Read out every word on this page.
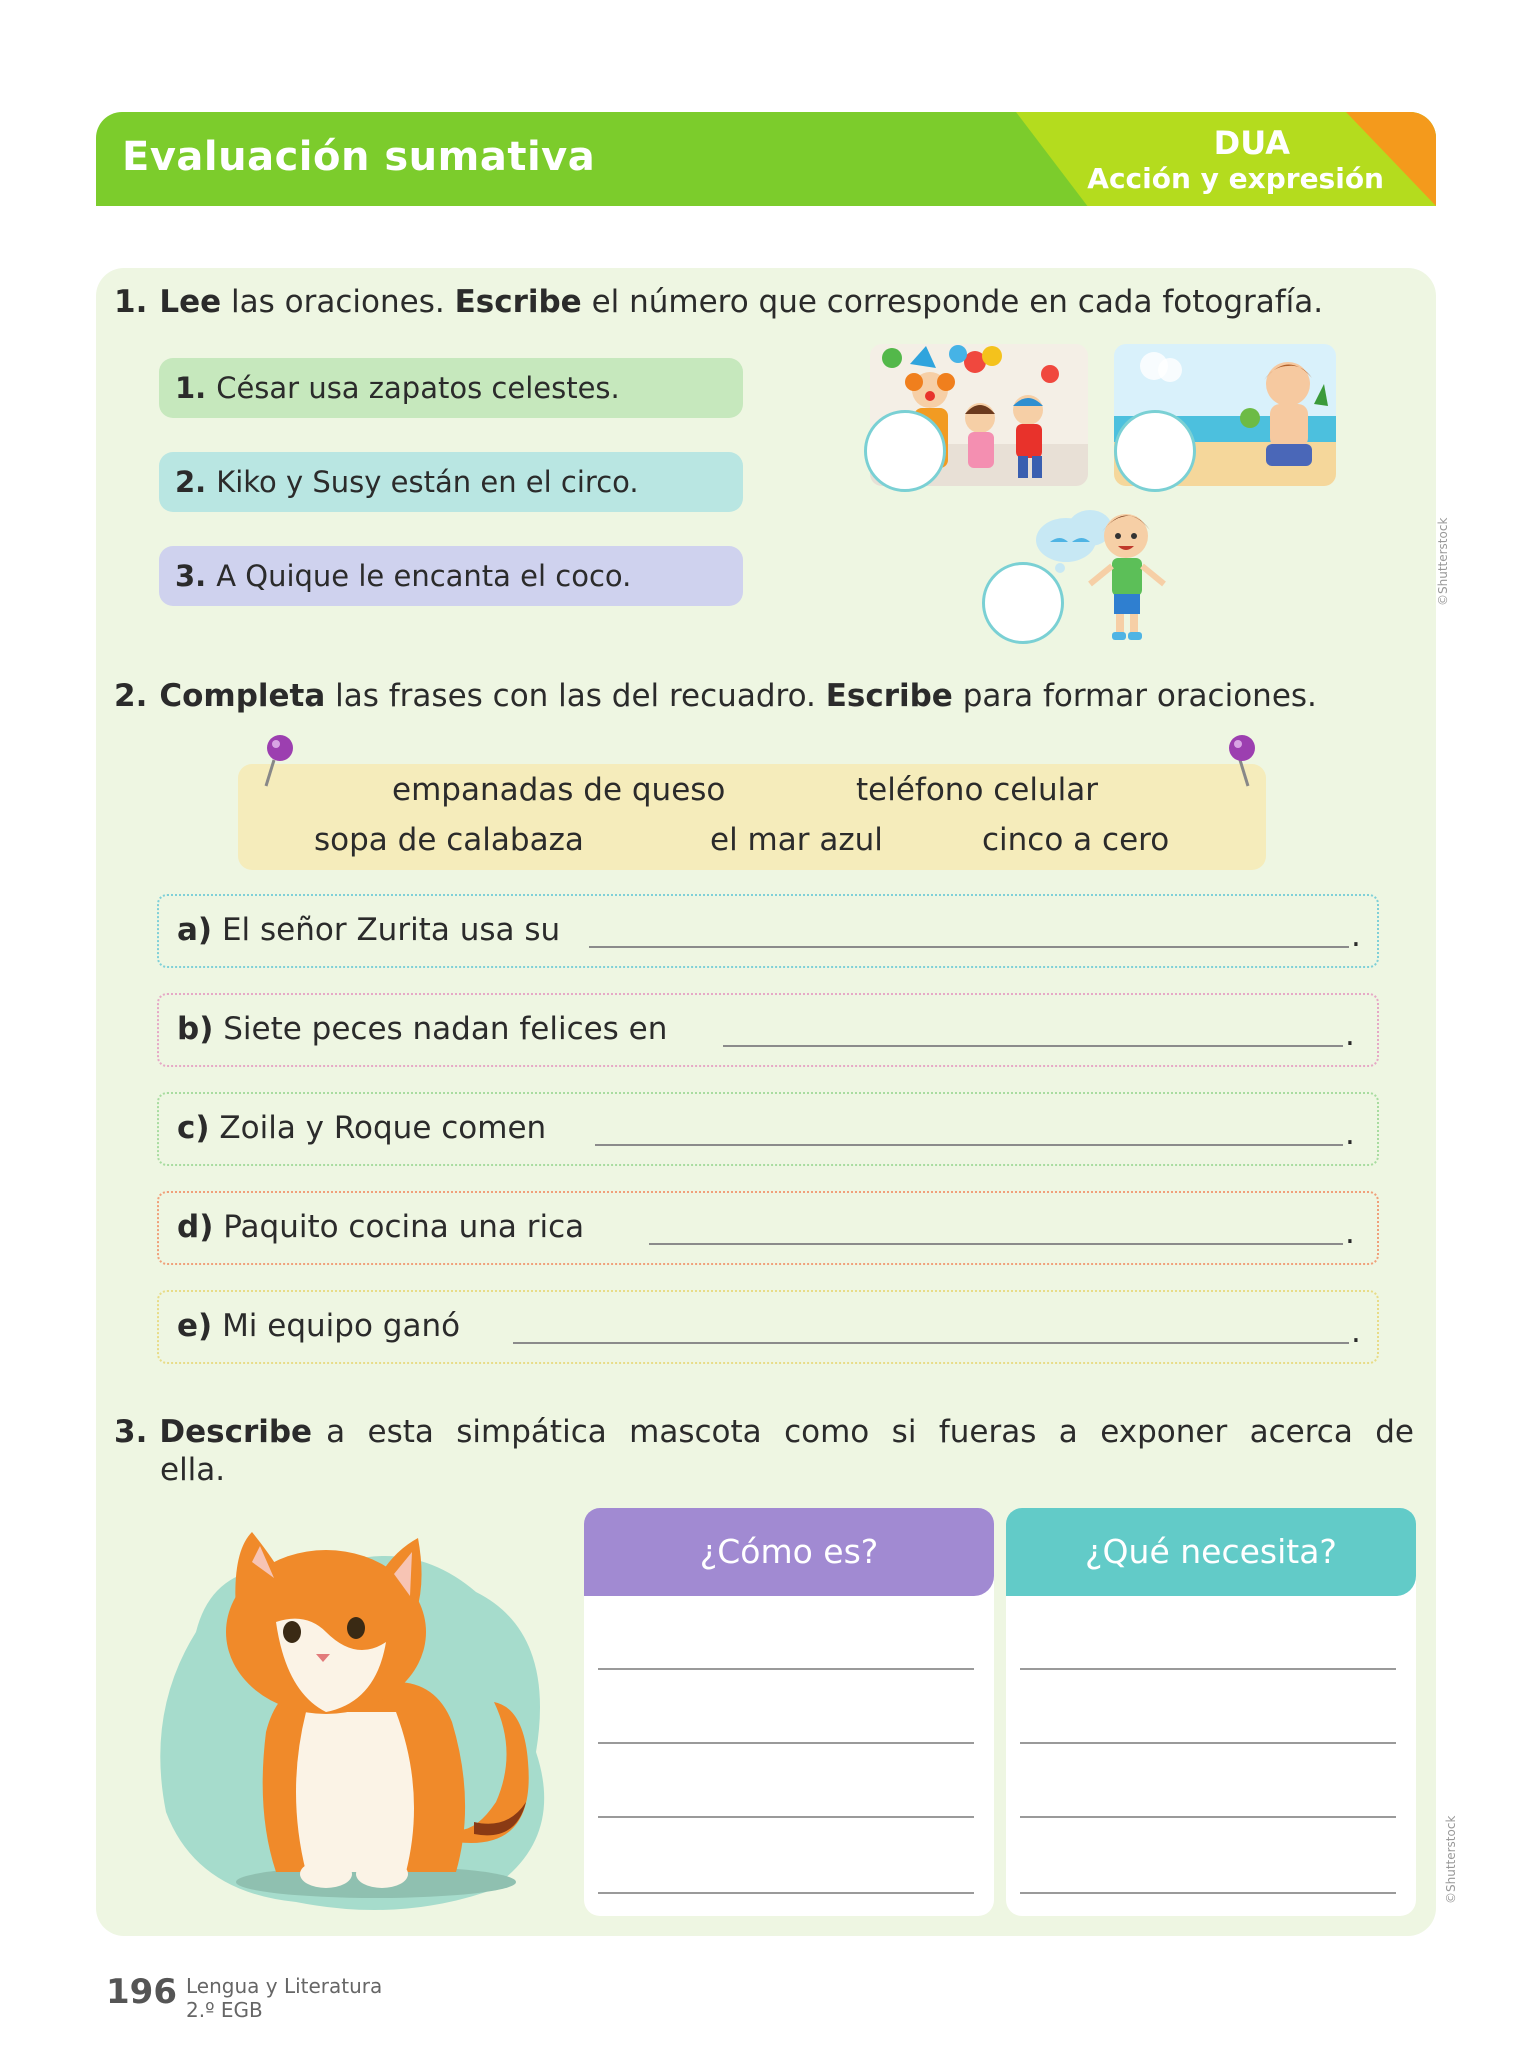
Evaluación sumativa	DUA
Acción y expresión
1. Lee las oraciones. Escribe el número que corresponde en cada fotografía.
1. César usa zapatos celestes.
2. Kiko y Susy están en el circo.
3. A Quique le encanta el coco.	©Shutterstock
2. Completa las frases con las del recuadro. Escribe para formar oraciones.
empanadas de queso	teléfono celular
sopa de calabaza	el mar azul	cinco a cero
a) El señor Zurita usa su	.
b) Siete peces nadan felices en	.
c) Zoila y Roque comen	.
d) Paquito cocina una rica	.
e) Mi equipo ganó	.
3. Describe a esta simpática mascota como si fueras a exponer acerca de
ella.
¿Cómo es?	¿Qué necesita?
©Shutterstock
196 Lengua y Literatura
2.º EGB
